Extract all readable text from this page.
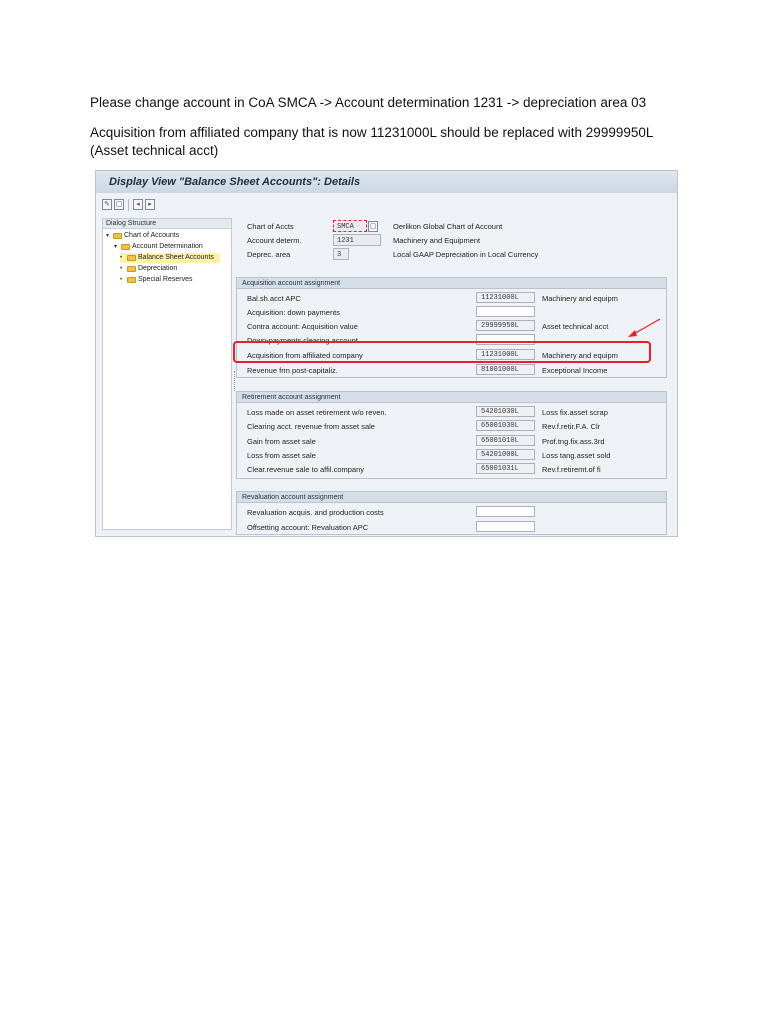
Please change account in CoA SMCA -> Account determination 1231 -> depreciation area 03
Acquisition from affiliated company that is now 11231000L should be replaced with 29999950L (Asset technical acct)
Display View "Balance Sheet Accounts": Details
✎ ▢	◂	▸
Dialog Structure
▾	Chart of Accounts
▾	Account Determination
•	Balance Sheet Accounts
•	Depreciation
•	Special Reserves
Chart of Accts	SMCA	▢ Oerlikon Global Chart of Account
Account determ.	1231	Machinery and Equipment
Deprec. area	3	Local GAAP Depreciation in Local Currency
Acquisition account assignment
Bal.sh.acct APC	11231000L	Machinery and equipm
Acquisition: down payments
Contra account: Acquisition value	29999950L	Asset technical acct
Down-payments clearing account
Acquisition from affiliated company	11231000L	Machinery and equipm
Revenue frm post-capitaliz.	81001000L	Exceptional Income
Retirement account assignment
Loss made on asset retirement w/o reven.	54201030L	Loss fix.asset scrap
Clearing acct. revenue from asset sale	65001030L	Rev.f.retir.F.A. Clr
Gain from asset sale	65001010L	Prof.tng.fix.ass.3rd
Loss from asset sale	54201000L	Loss tang.asset sold
Clear.revenue sale to affil.company	65001031L	Rev.f.retiremt.of fi
Revaluation account assignment
Revaluation acquis. and production costs
Offsetting account: Revaluation APC
